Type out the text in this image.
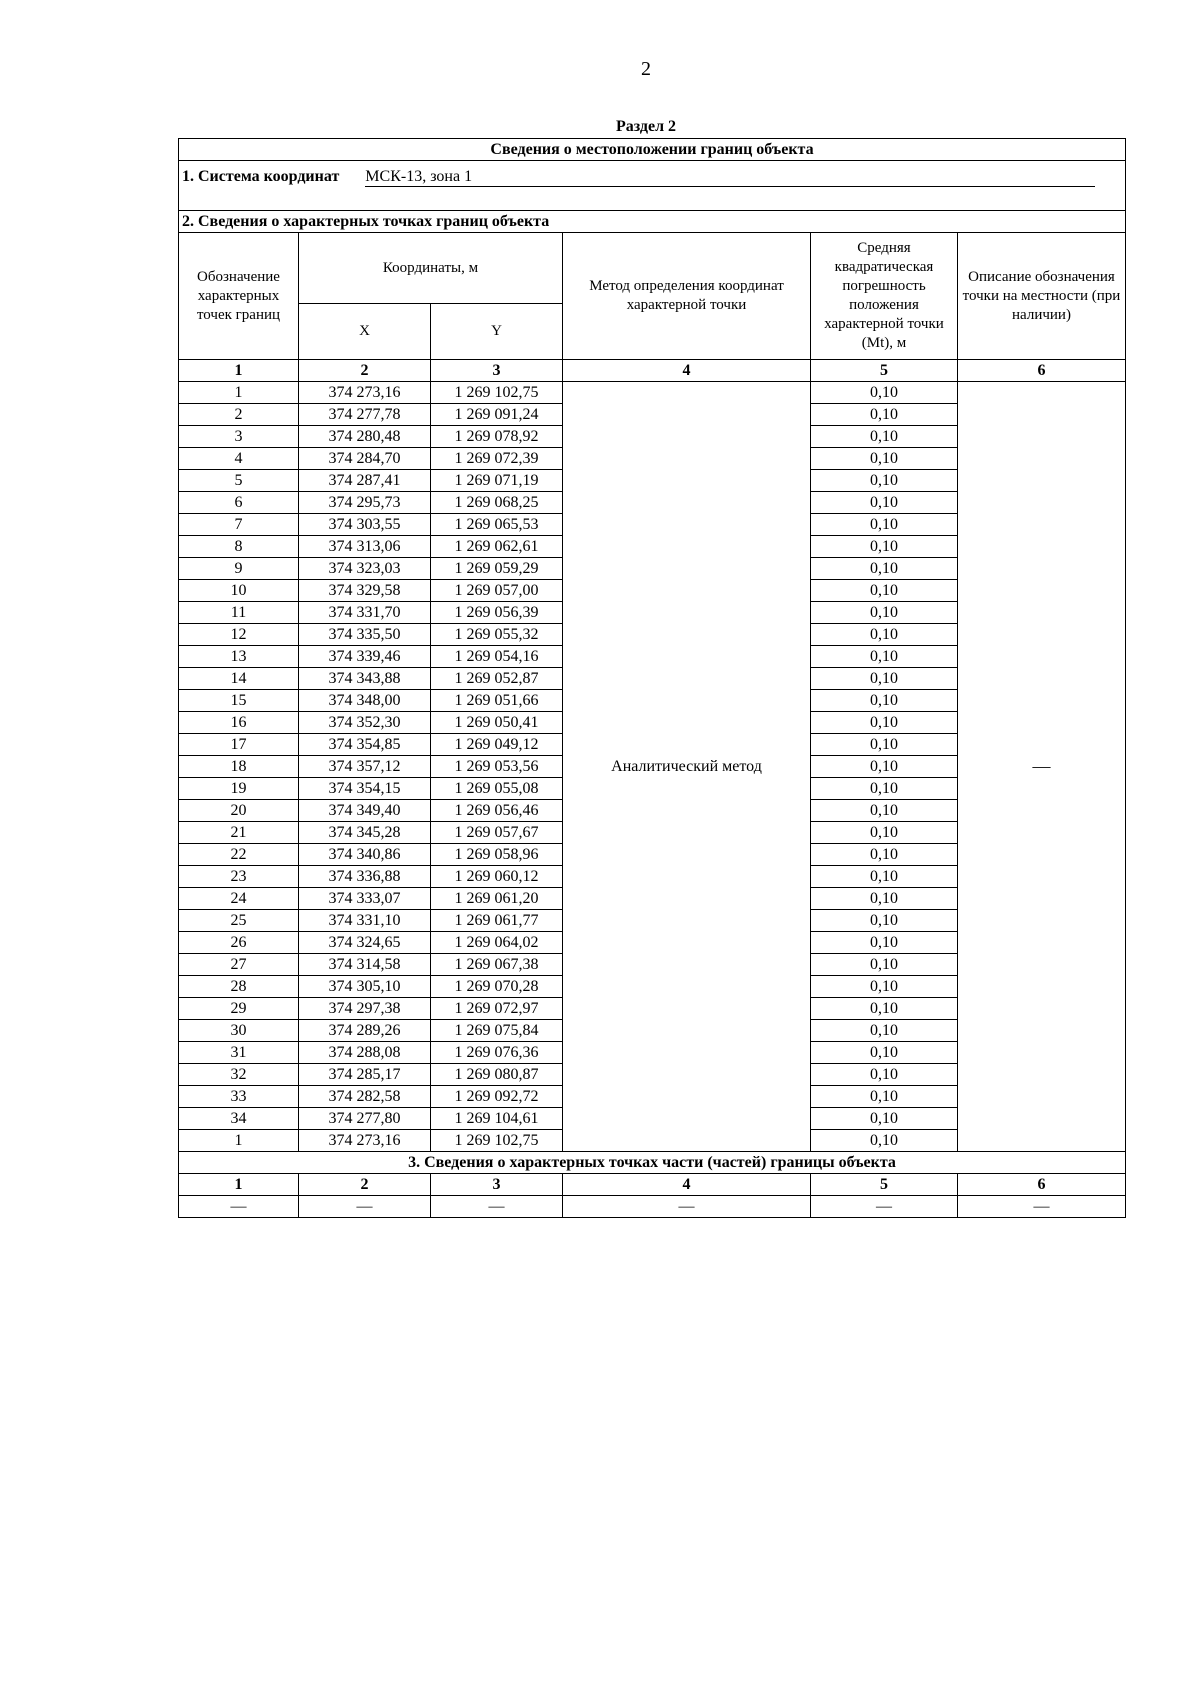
2
Раздел 2
Сведения о местоположении границ объекта					
1. Система координат МСК-13, зона 1					
2. Сведения о характерных точках границ объекта					
Обозначение характерных точек границ	Координаты, м		Метод определения координат характерной точки	Средняя квадратическая погрешность положения характерной точки (Mt), м	Описание обозначения точки на местности (при наличии)
	X	Y			
1	2	3	4	5	6
1	374 273,16	1 269 102,75	Аналитический метод	0,10	—
2	374 277,78	1 269 091,24		0,10	
3	374 280,48	1 269 078,92		0,10	
4	374 284,70	1 269 072,39		0,10	
5	374 287,41	1 269 071,19		0,10	
6	374 295,73	1 269 068,25		0,10	
7	374 303,55	1 269 065,53		0,10	
8	374 313,06	1 269 062,61		0,10	
9	374 323,03	1 269 059,29		0,10	
10	374 329,58	1 269 057,00		0,10	
11	374 331,70	1 269 056,39		0,10	
12	374 335,50	1 269 055,32		0,10	
13	374 339,46	1 269 054,16		0,10	
14	374 343,88	1 269 052,87		0,10	
15	374 348,00	1 269 051,66		0,10	
16	374 352,30	1 269 050,41		0,10	
17	374 354,85	1 269 049,12		0,10	
18	374 357,12	1 269 053,56		0,10	
19	374 354,15	1 269 055,08		0,10	
20	374 349,40	1 269 056,46		0,10	
21	374 345,28	1 269 057,67		0,10	
22	374 340,86	1 269 058,96		0,10	
23	374 336,88	1 269 060,12		0,10	
24	374 333,07	1 269 061,20		0,10	
25	374 331,10	1 269 061,77		0,10	
26	374 324,65	1 269 064,02		0,10	
27	374 314,58	1 269 067,38		0,10	
28	374 305,10	1 269 070,28		0,10	
29	374 297,38	1 269 072,97		0,10	
30	374 289,26	1 269 075,84		0,10	
31	374 288,08	1 269 076,36		0,10	
32	374 285,17	1 269 080,87		0,10	
33	374 282,58	1 269 092,72		0,10	
34	374 277,80	1 269 104,61		0,10	
1	374 273,16	1 269 102,75		0,10	
3. Сведения о характерных точках части (частей) границы объекта					
1	2	3	4	5	6
—	—	—	—	—	—
